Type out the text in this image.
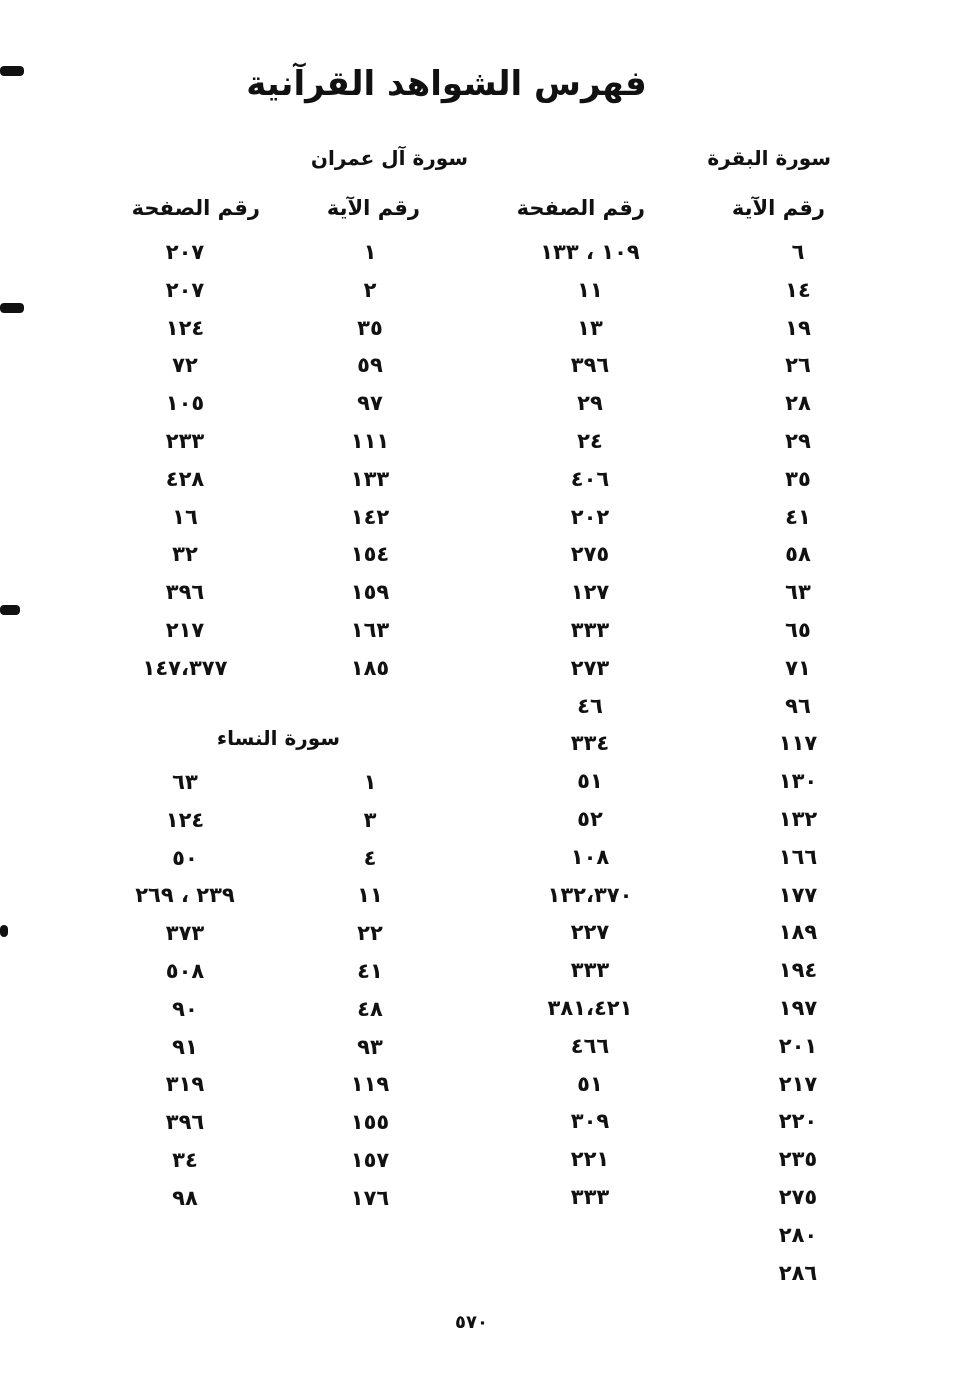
فهرس الشواهد القرآنية
سورة البقرة
رقم الآية
رقم الصفحة
٦
١٤
١٩
٢٦
٢٨
٢٩
٣٥
٤١
٥٨
٦٣
٦٥
٧١
٩٦
١١٧
١٣٠
١٣٢
١٦٦
١٧٧
١٨٩
١٩٤
١٩٧
٢٠١
٢١٧
٢٢٠
٢٣٥
٢٧٥
٢٨٠
٢٨٦
١٠٩ ، ١٣٣
١١
١٣
٣٩٦
٢٩
٢٤
٤٠٦
٢٠٢
٢٧٥
١٢٧
٣٣٣
٢٧٣
٤٦
٣٣٤
٥١
٥٢
١٠٨
١٣٢،٣٧٠
٢٢٧
٣٣٣
٣٨١،٤٢١
٤٦٦
٥١
٣٠٩
٢٢١
٣٣٣
سورة آل عمران
رقم الآية
رقم الصفحة
١
٢
٣٥
٥٩
٩٧
١١١
١٣٣
١٤٢
١٥٤
١٥٩
١٦٣
١٨٥
٢٠٧
٢٠٧
١٢٤
٧٢
١٠٥
٢٣٣
٤٢٨
١٦
٣٢
٣٩٦
٢١٧
١٤٧،٣٧٧
سورة النساء
١
٣
٤
١١
٢٢
٤١
٤٨
٩٣
١١٩
١٥٥
١٥٧
١٧٦
٦٣
١٢٤
٥٠
٢٣٩ ، ٢٦٩
٣٧٣
٥٠٨
٩٠
٩١
٣١٩
٣٩٦
٣٤
٩٨
٥٧٠
